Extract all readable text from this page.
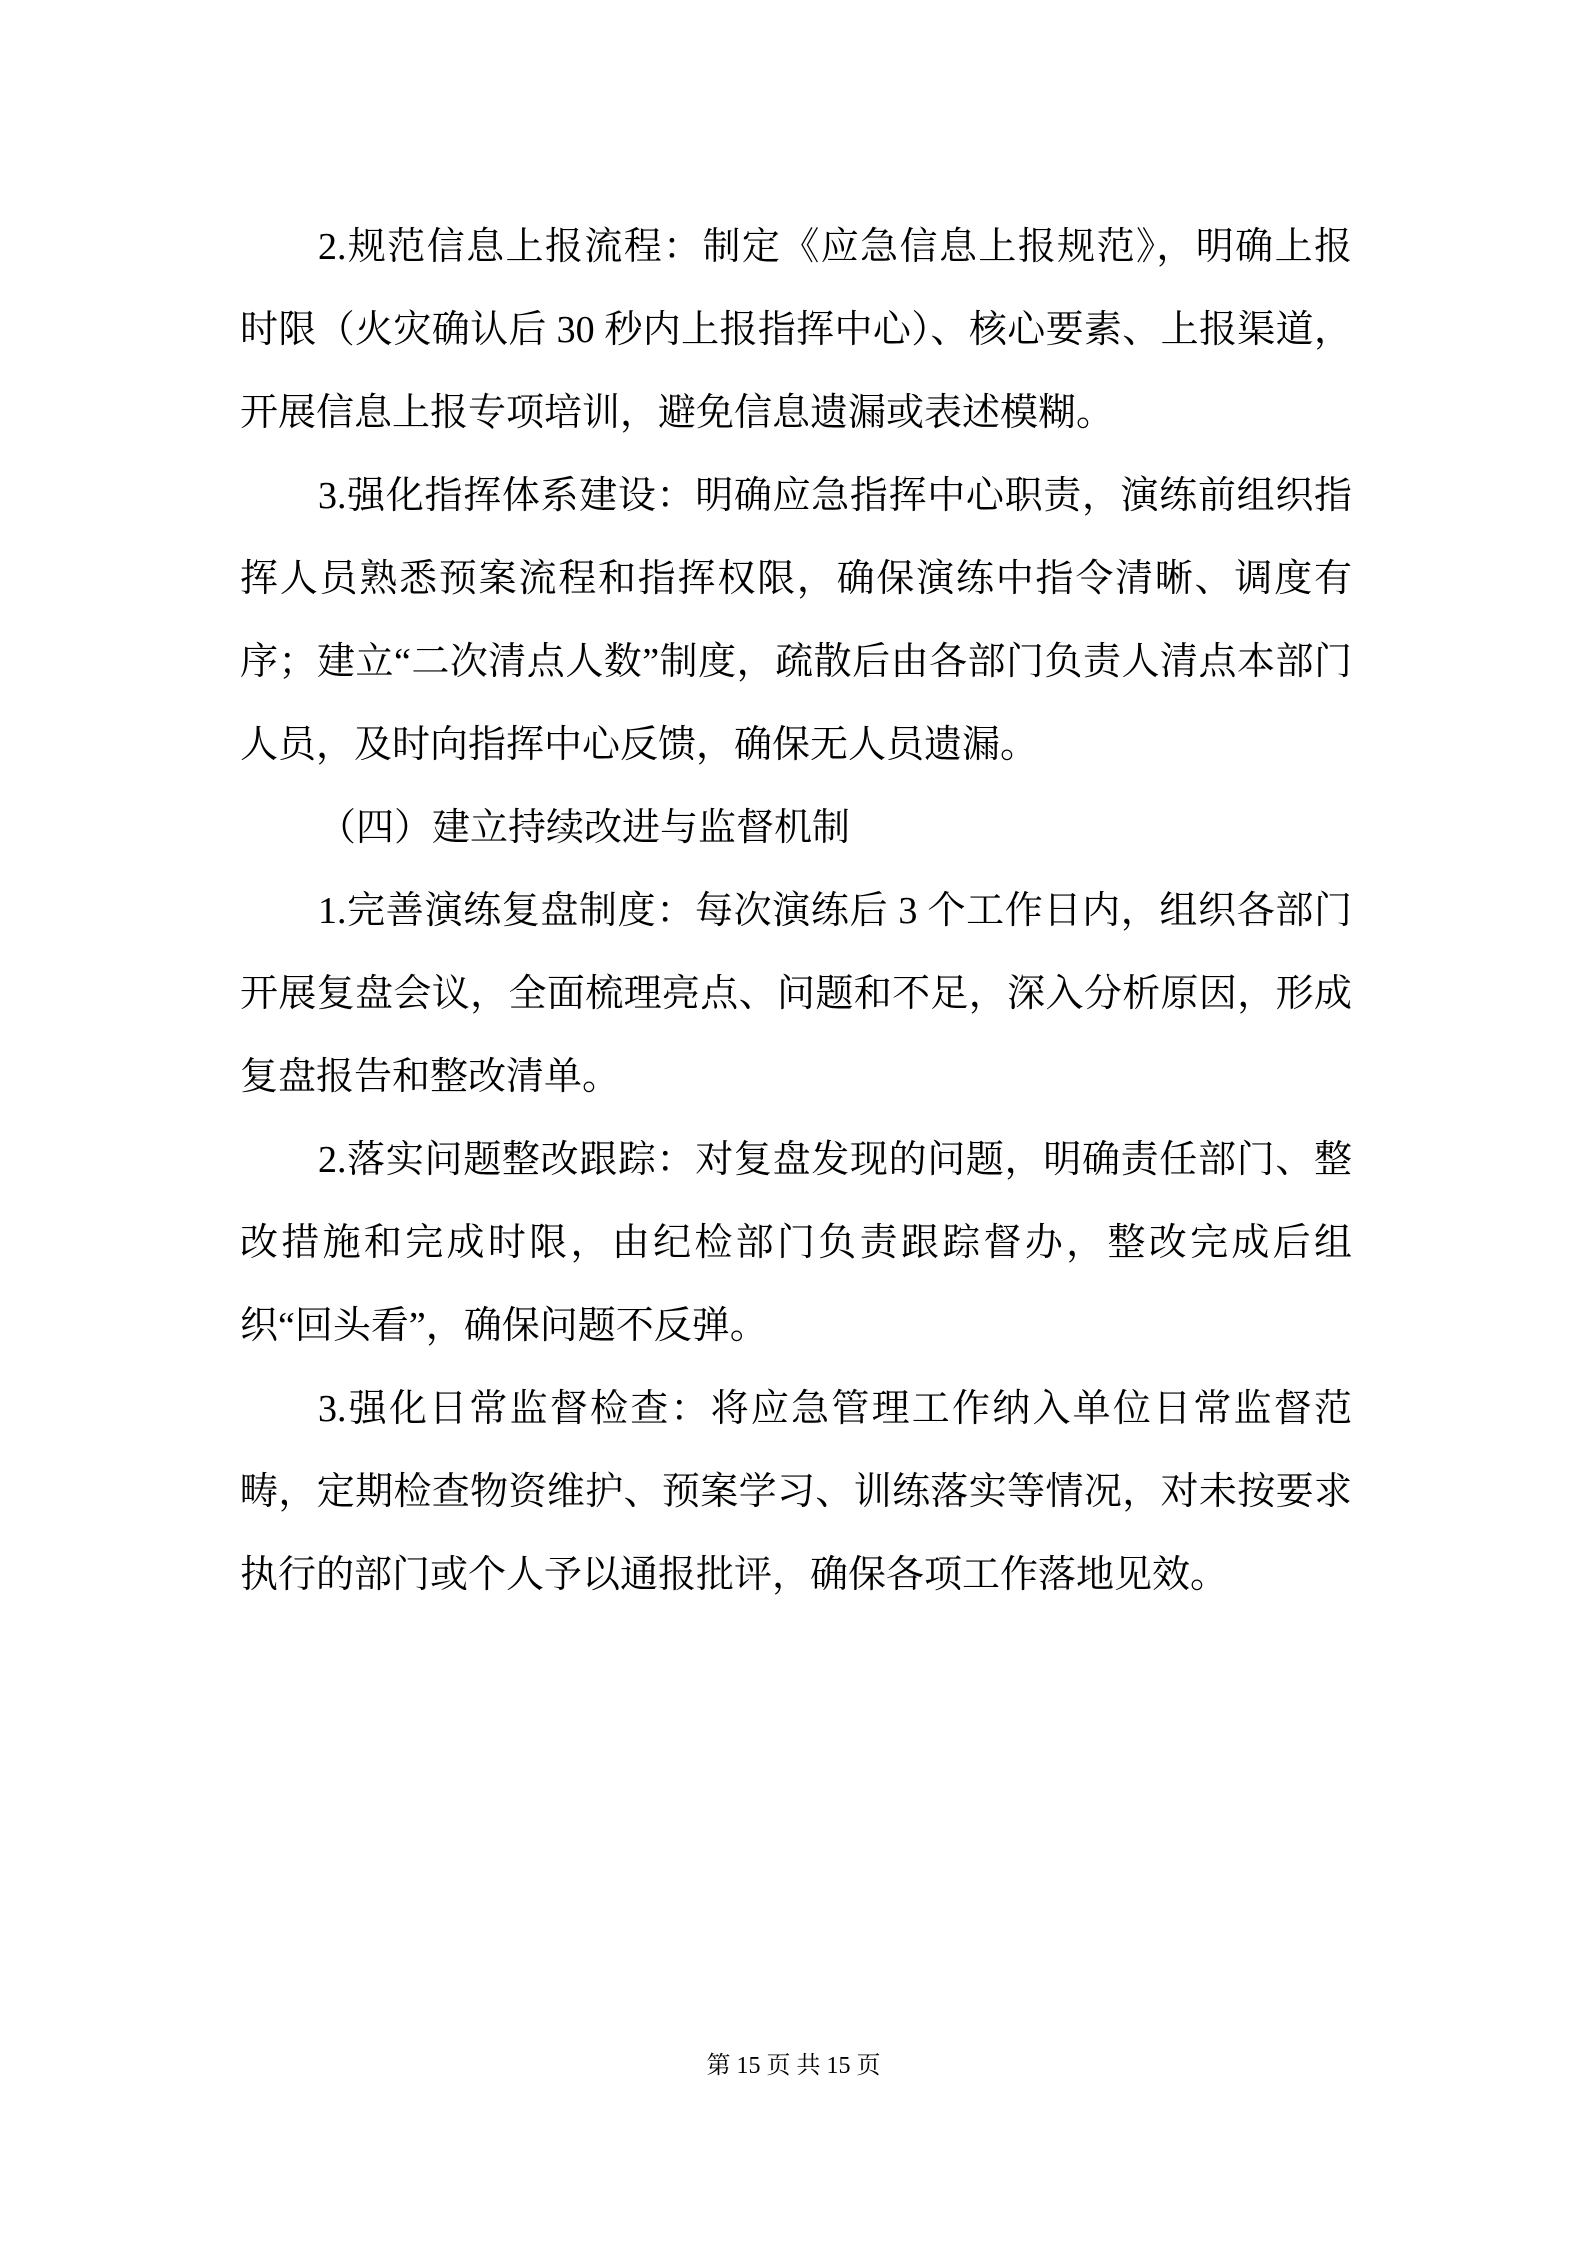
2.规范信息上报流程：制定《应急信息上报规范》，明确上报时限（火灾确认后 30 秒内上报指挥中心）、核心要素、上报渠道，开展信息上报专项培训，避免信息遗漏或表述模糊。

3.强化指挥体系建设：明确应急指挥中心职责，演练前组织指挥人员熟悉预案流程和指挥权限，确保演练中指令清晰、调度有序；建立“二次清点人数”制度，疏散后由各部门负责人清点本部门人员，及时向指挥中心反馈，确保无人员遗漏。

（四）建立持续改进与监督机制

1.完善演练复盘制度：每次演练后 3 个工作日内，组织各部门开展复盘会议，全面梳理亮点、问题和不足，深入分析原因，形成复盘报告和整改清单。

2.落实问题整改跟踪：对复盘发现的问题，明确责任部门、整改措施和完成时限，由纪检部门负责跟踪督办，整改完成后组织“回头看”，确保问题不反弹。

3.强化日常监督检查：将应急管理工作纳入单位日常监督范畴，定期检查物资维护、预案学习、训练落实等情况，对未按要求执行的部门或个人予以通报批评，确保各项工作落地见效。

第 15 页 共 15 页
